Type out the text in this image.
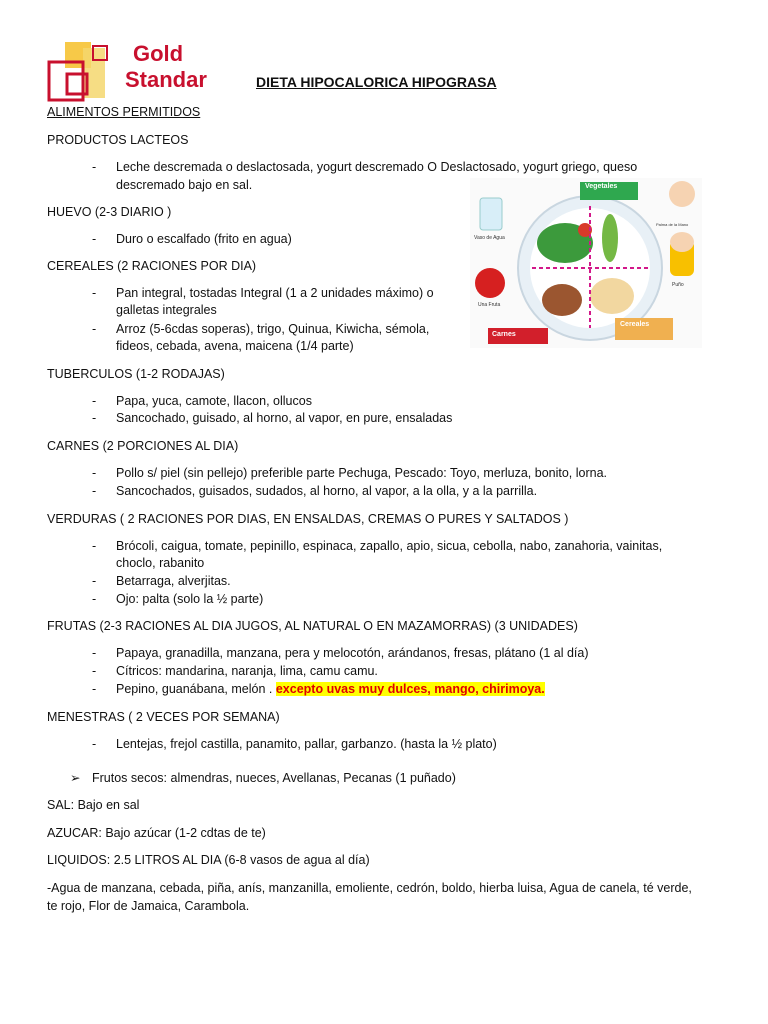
Gold
Standar	DIETA HIPOCALORICA HIPOGRASA
ALIMENTOS PERMITIDOS
PRODUCTOS LACTEOS
- Leche descremada o deslactosada, yogurt descremado O Deslactosado, yogurt griego, queso
descremado bajo en sal.
HUEVO (2-3 DIARIO )
- Duro o escalfado (frito en agua)
CEREALES (2 RACIONES POR DIA)
- Pan integral, tostadas Integral (1 a 2 unidades máximo) o
galletas integrales
- Arroz (5-6cdas soperas), trigo, Quinua, Kiwicha, sémola,
fideos, cebada, avena, maicena (1/4 parte)
TUBERCULOS (1-2 RODAJAS)
- Papa, yuca, camote, llacon, ollucos
- Sancochado, guisado, al horno, al vapor, en pure, ensaladas
CARNES (2 PORCIONES AL DIA)
- Pollo s/ piel (sin pellejo) preferible parte Pechuga, Pescado: Toyo, merluza, bonito, lorna.
- Sancochados, guisados, sudados, al horno, al vapor, a la olla, y a la parrilla.
VERDURAS ( 2 RACIONES POR DIAS, EN ENSALDAS, CREMAS O PURES Y SALTADOS )
- Brócoli, caigua, tomate, pepinillo, espinaca, zapallo, apio, sicua, cebolla, nabo, zanahoria, vainitas,
choclo, rabanito
- Betarraga, alverjitas.
- Ojo: palta (solo la ½ parte)
FRUTAS (2-3 RACIONES AL DIA JUGOS, AL NATURAL O EN MAZAMORRAS) (3 UNIDADES)
- Papaya, granadilla, manzana, pera y melocotón, arándanos, fresas, plátano (1 al día)
- Cítricos: mandarina, naranja, lima, camu camu.
- Pepino, guanábana, melón . excepto uvas muy dulces, mango, chirimoya.
MENESTRAS ( 2 VECES POR SEMANA)
- Lentejas, frejol castilla, panamito, pallar, garbanzo. (hasta la ½ plato)
➢ Frutos secos: almendras, nueces, Avellanas, Pecanas (1 puñado)
SAL: Bajo en sal
AZUCAR: Bajo azúcar (1-2 cdtas de te)
LIQUIDOS: 2.5 LITROS AL DIA (6-8 vasos de agua al día)
-Agua de manzana, cebada, piña, anís, manzanilla, emoliente, cedrón, boldo, hierba luisa, Agua de canela, té verde,
te rojo, Flor de Jamaica, Carambola.
Vegetales
Vaso de Agua
Una Fruta
Carnes
Cereales
Palma de la Mano
Puño
